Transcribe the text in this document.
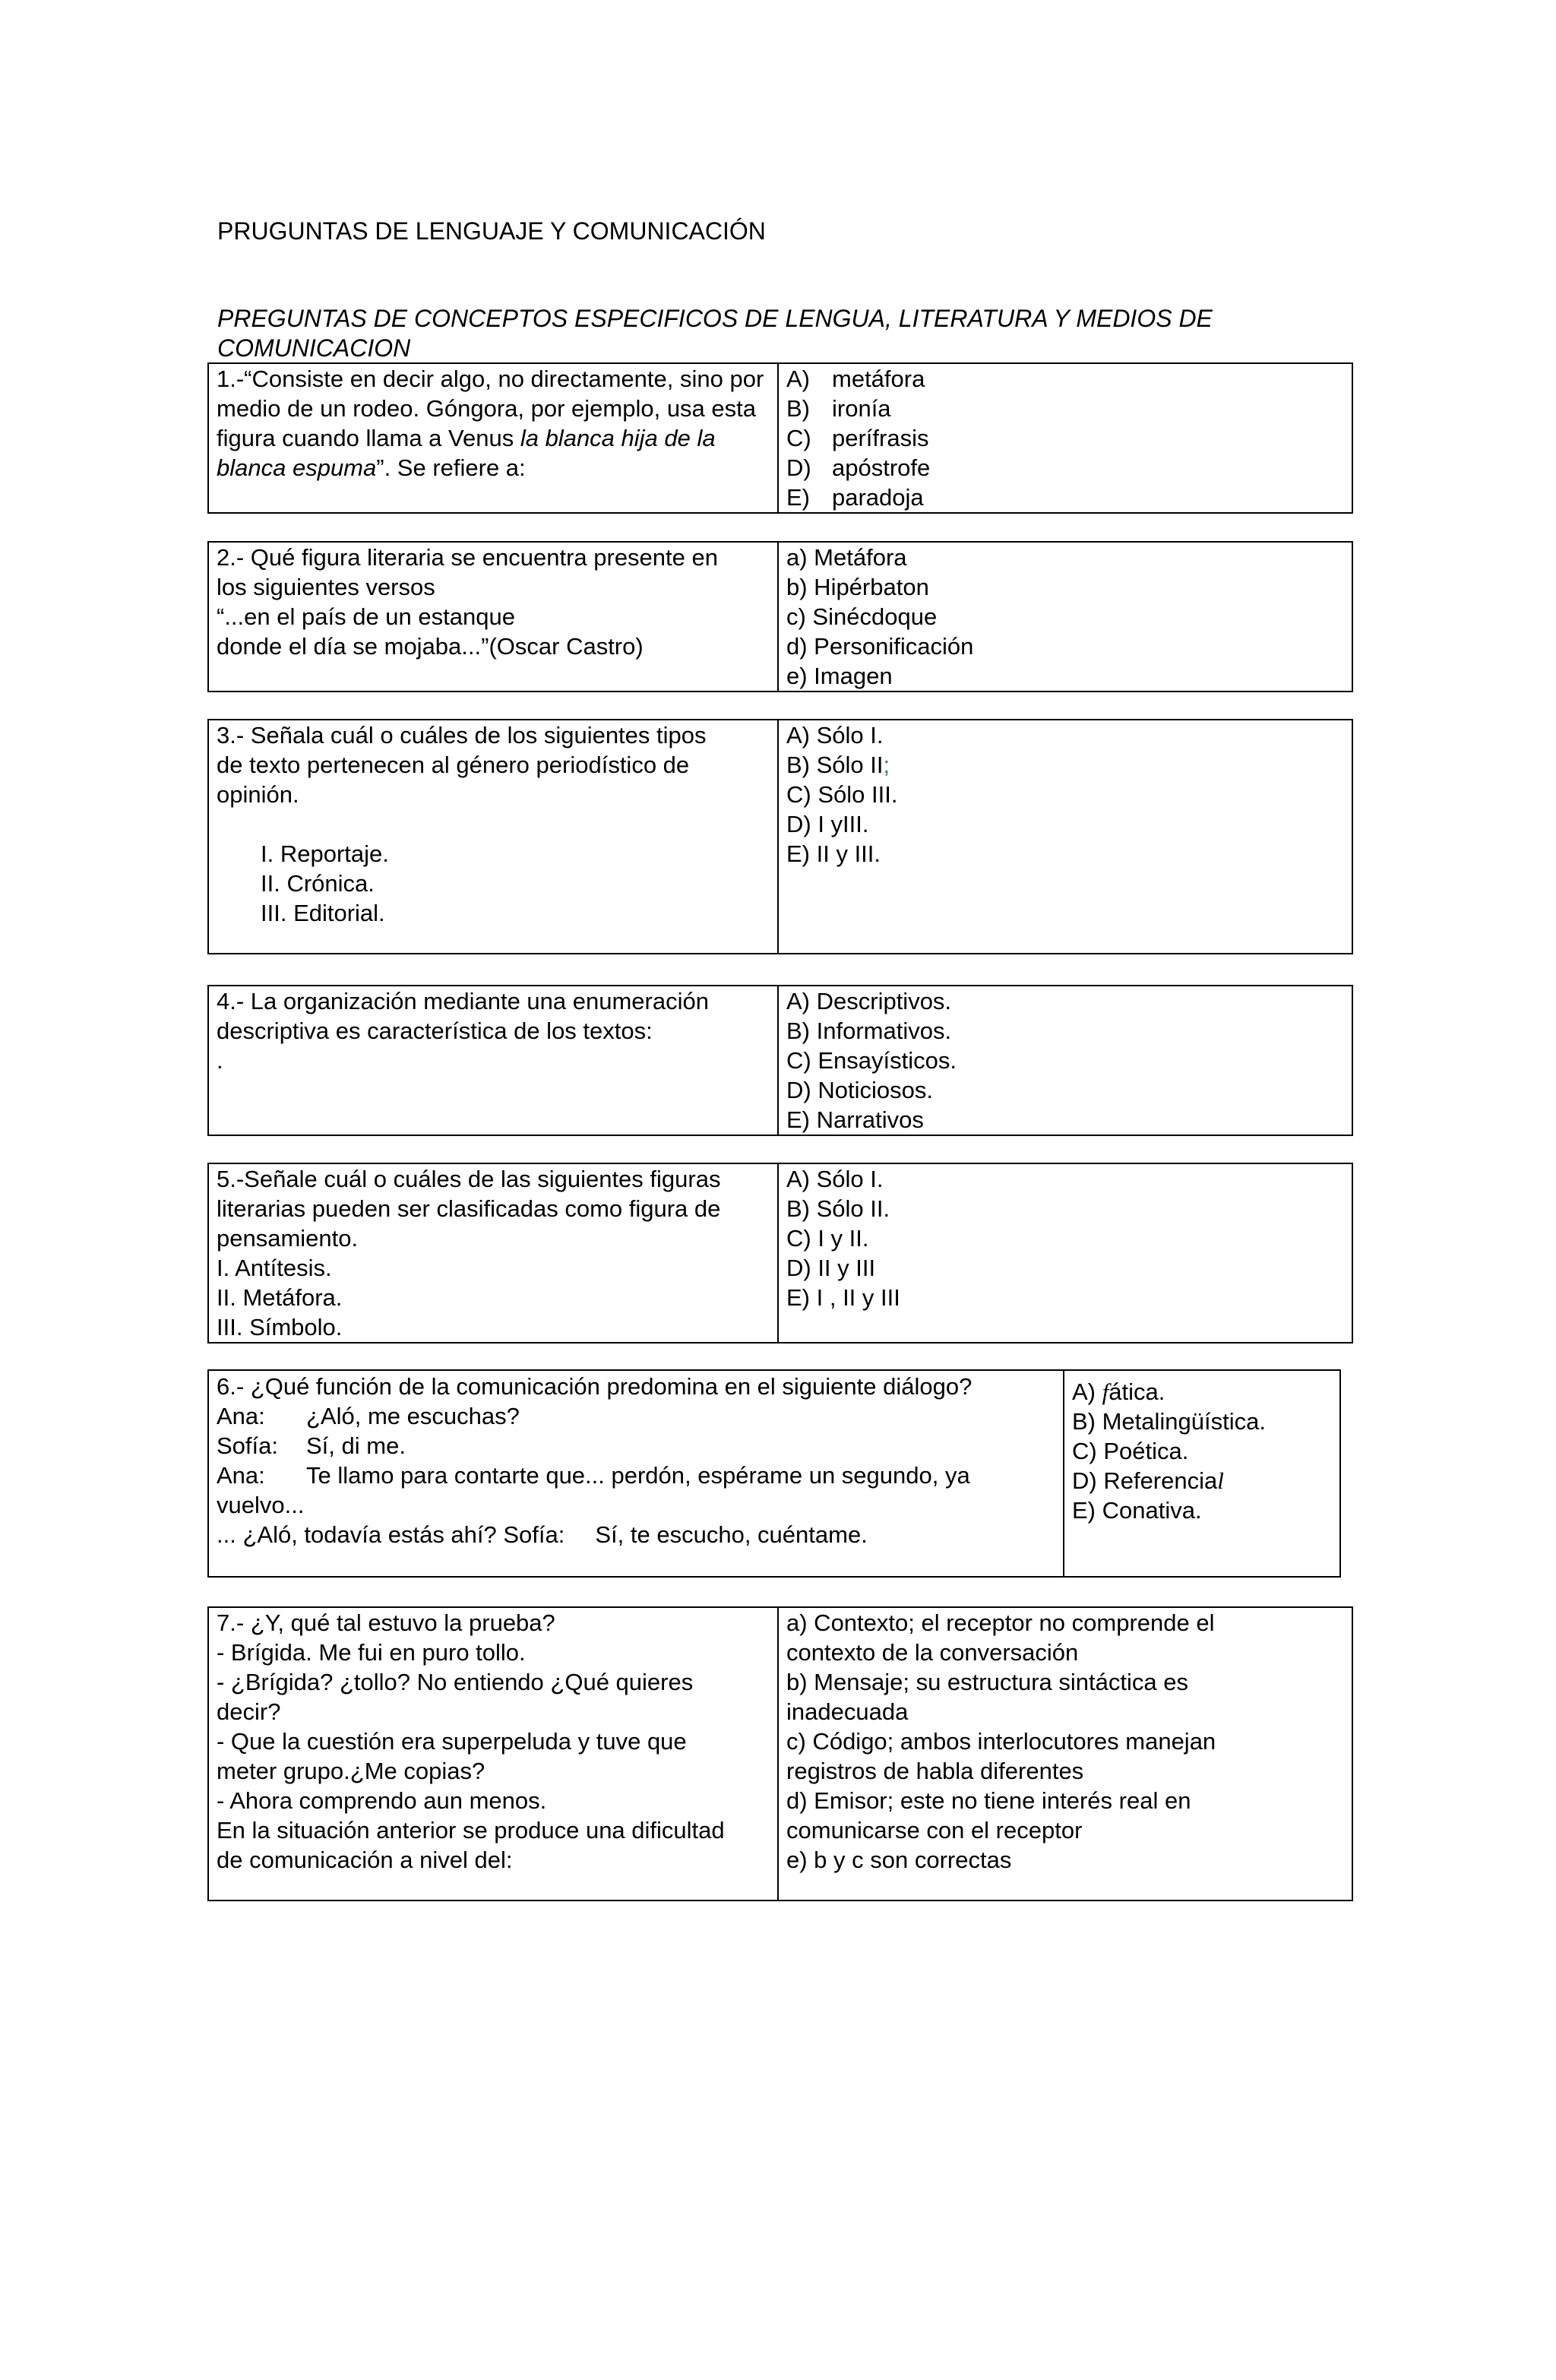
PRUGUNTAS DE LENGUAJE Y COMUNICACIÓN
PREGUNTAS DE CONCEPTOS ESPECIFICOS DE LENGUA, LITERATURA Y MEDIOS DE COMUNICACION
1.-“Consiste en decir algo, no directamente, sino por medio de un rodeo. Góngora, por ejemplo, usa esta figura cuando llama a Venus la blanca hija de la blanca espuma”. Se refiere a:

A) metáfora
B) ironía
C) perífrasis
D) apóstrofe
E) paradoja
2.- Qué figura literaria se encuentra presente en
los siguientes versos
“...en el país de un estanque
donde el día se mojaba...”(Oscar Castro)

a) Metáfora
b) Hipérbaton
c) Sinécdoque
d) Personificación
e) Imagen
3.- Señala cuál o cuáles de los siguientes tipos
de texto pertenecen al género periodístico de
opinión.
I. Reportaje.
II. Crónica.
III. Editorial.

A) Sólo I.
B) Sólo II;
C) Sólo III.
D) I yIII.
E) II y III.
4.- La organización mediante una enumeración
descriptiva es característica de los textos:
.

A) Descriptivos.
B) Informativos.
C) Ensayísticos.
D) Noticiosos.
E) Narrativos
5.-Señale cuál o cuáles de las siguientes figuras
literarias pueden ser clasificadas como figura de
pensamiento.
I. Antítesis.
II. Metáfora.
III. Símbolo.

A) Sólo I.
B) Sólo II.
C) I y II.
D) II y III
E) I , II y III
6.- ¿Qué función de la comunicación predomina en el siguiente diálogo?
Ana: ¿Aló, me escuchas?
Sofía: Sí, di me.
Ana: Te llamo para contarte que... perdón, espérame un segundo, ya
vuelvo...
... ¿Aló, todavía estás ahí? Sofía: Sí, te escucho, cuéntame.

A) fática.
B) Metalingüística.
C) Poética.
D) Referencial
E) Conativa.
7.- ¿Y, qué tal estuvo la prueba?
- Brígida. Me fui en puro tollo.
- ¿Brígida? ¿tollo? No entiendo ¿Qué quieres
decir?
- Que la cuestión era superpeluda y tuve que
meter grupo.¿Me copias?
- Ahora comprendo aun menos.
En la situación anterior se produce una dificultad
de comunicación a nivel del:

a) Contexto; el receptor no comprende el
contexto de la conversación
b) Mensaje; su estructura sintáctica es
inadecuada
c) Código; ambos interlocutores manejan
registros de habla diferentes
d) Emisor; este no tiene interés real en
comunicarse con el receptor
e) b y c son correctas
